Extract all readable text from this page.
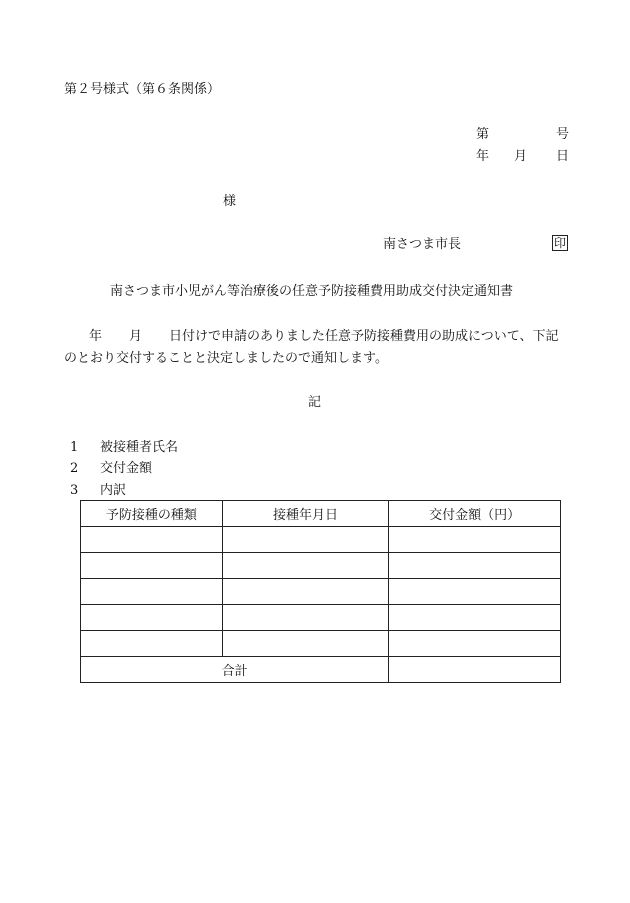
第２号様式（第６条関係）
第	号
年 月 日
様
南さつま市長	印
南さつま市小児がん等治療後の任意予防接種費用助成交付決定通知書
年 月 日付けで申請のありました任意予防接種費用の助成について、下記
のとおり交付することと決定しましたので通知します。
記
1 被接種者氏名
2 交付金額
3 内訳
予防接種の種類	接種年月日	交付金額（円）

合計		
